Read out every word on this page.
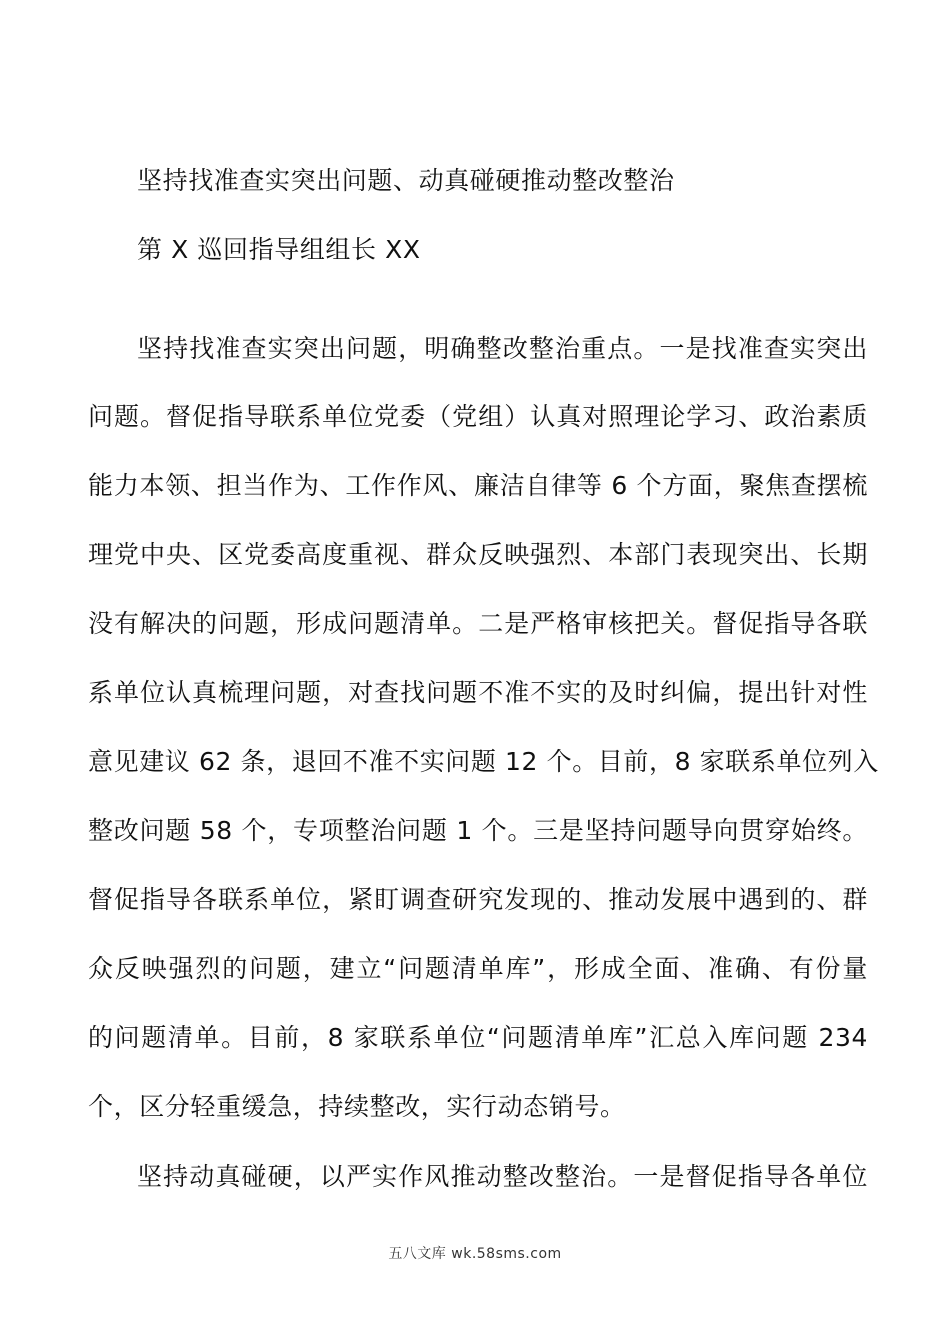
坚持找准查实突出问题、动真碰硬推动整改整治
第 X 巡回指导组组长 XX
坚持找准查实突出问题，明确整改整治重点。一是找准查实突出
问题。督促指导联系单位党委（党组）认真对照理论学习、政治素质
能力本领、担当作为、工作作风、廉洁自律等 6 个方面，聚焦查摆梳
理党中央、区党委高度重视、群众反映强烈、本部门表现突出、长期
没有解决的问题，形成问题清单。二是严格审核把关。督促指导各联
系单位认真梳理问题，对查找问题不准不实的及时纠偏，提出针对性
意见建议 62 条，退回不准不实问题 12 个。目前，8 家联系单位列入
整改问题 58 个，专项整治问题 1 个。三是坚持问题导向贯穿始终。
督促指导各联系单位，紧盯调查研究发现的、推动发展中遇到的、群
众反映强烈的问题，建立“问题清单库”，形成全面、准确、有份量
的问题清单。目前，8 家联系单位“问题清单库”汇总入库问题 234
个，区分轻重缓急，持续整改，实行动态销号。
坚持动真碰硬，以严实作风推动整改整治。一是督促指导各单位
五八文库 wk.58sms.com
